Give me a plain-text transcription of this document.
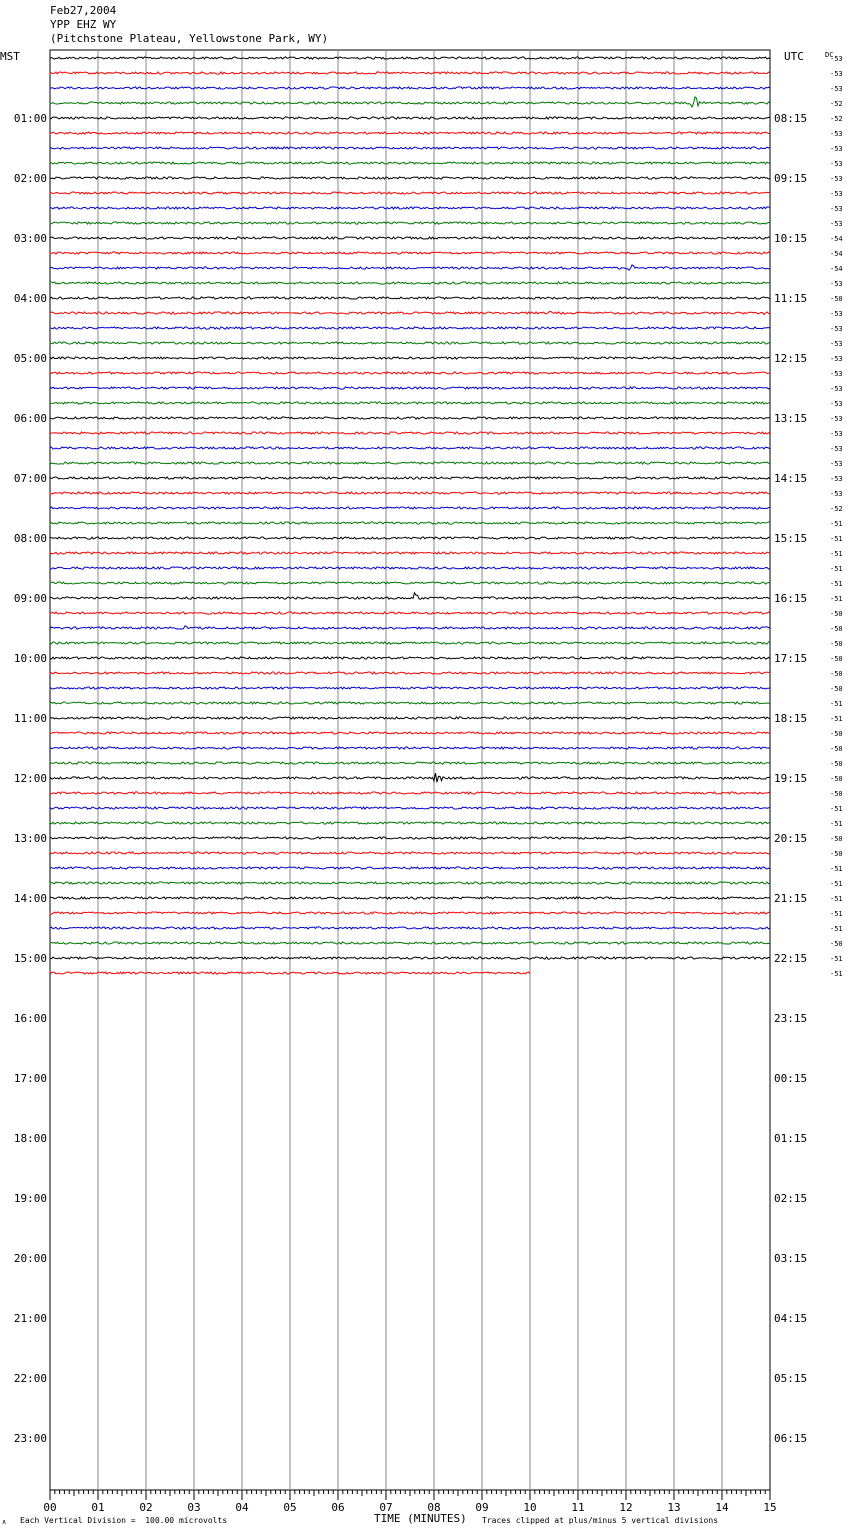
Feb27,2004
YPP EHZ WY
(Pitchstone Plateau, Yellowstone Park, WY)
MST	UTC	DC
00	01	02	03	04	05	06	07	08	09	10	11	12	13	14	15
01:00
02:00
03:00
04:00
05:00
06:00
07:00
08:00
09:00
10:00
11:00
12:00
13:00
14:00
15:00
16:00
17:00
18:00
19:00
20:00
21:00
22:00
23:00
08:15
09:15
10:15
11:15
12:15
13:15
14:15
15:15
16:15
17:15
18:15
19:15
20:15
21:15
22:15
23:15
00:15
01:15
02:15
03:15
04:15
05:15
06:15
-53
-53
-53
-52
-52
-53
-53
-53
-53
-53
-53
-53
-54
-54
-54
-53
-50
-53
-53
-53
-53
-53
-53
-53
-53
-53
-53
-53
-53
-53
-52
-51
-51
-51
-51
-51
-51
-50
-50
-50
-50
-50
-50
-51
-51
-50
-50
-50
-50
-50
-51
-51
-50
-50
-51
-51
-51
-51
-51
-50
-51
-51
∧	Each Vertical Division =  100.00 microvolts	TIME (MINUTES) Traces clipped at plus/minus 5 vertical divisions
